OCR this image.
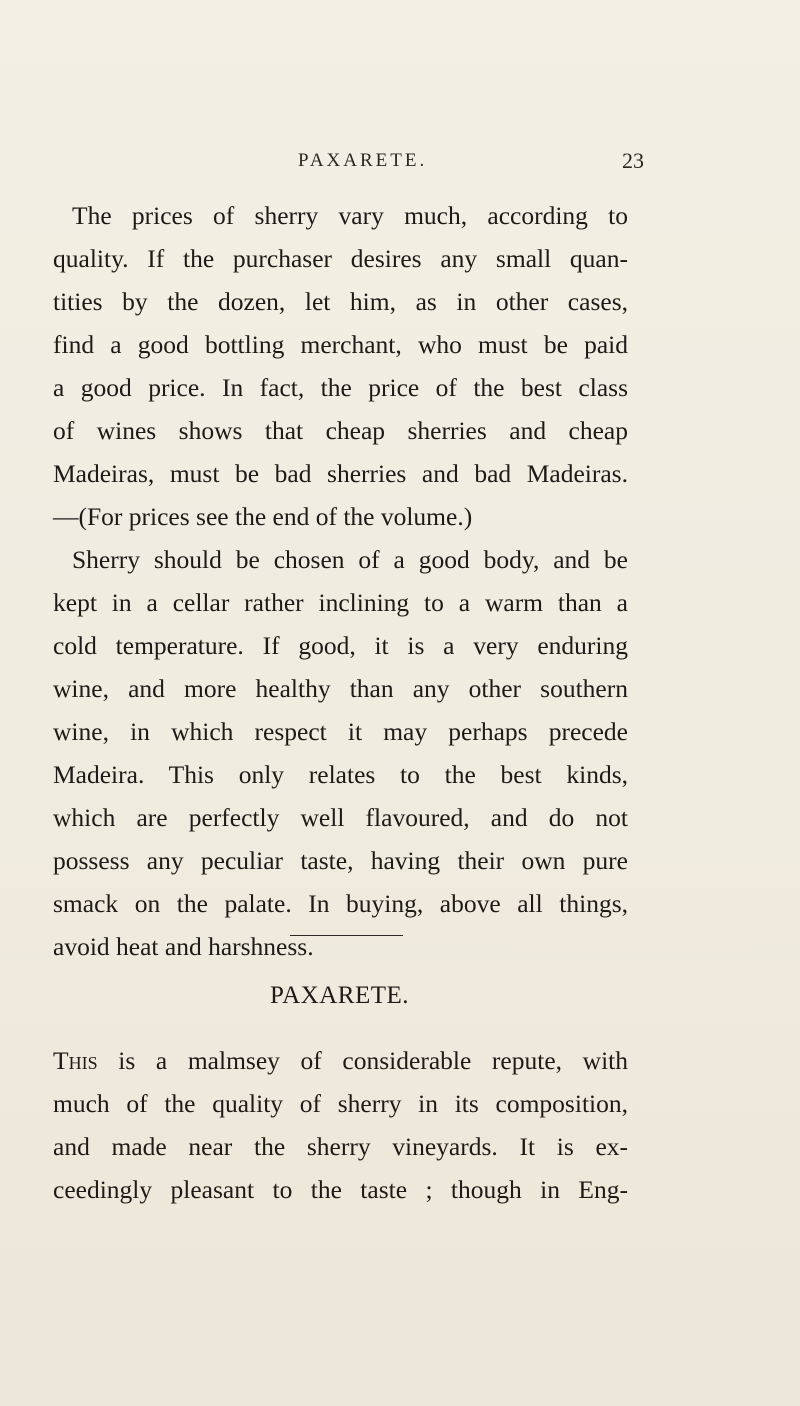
PAXARETE.	23
The prices of sherry vary much, according to
quality. If the purchaser desires any small quan-
tities by the dozen, let him, as in other cases,
find a good bottling merchant, who must be paid
a good price. In fact, the price of the best class
of wines shows that cheap sherries and cheap
Madeiras, must be bad sherries and bad Madeiras.
—(For prices see the end of the volume.)
Sherry should be chosen of a good body, and be
kept in a cellar rather inclining to a warm than a
cold temperature. If good, it is a very enduring
wine, and more healthy than any other southern
wine, in which respect it may perhaps precede
Madeira. This only relates to the best kinds,
which are perfectly well flavoured, and do not
possess any peculiar taste, having their own pure
smack on the palate. In buying, above all things,
avoid heat and harshness.
PAXARETE.
This is a malmsey of considerable repute, with
much of the quality of sherry in its composition,
and made near the sherry vineyards. It is ex-
ceedingly pleasant to the taste ; though in Eng-
